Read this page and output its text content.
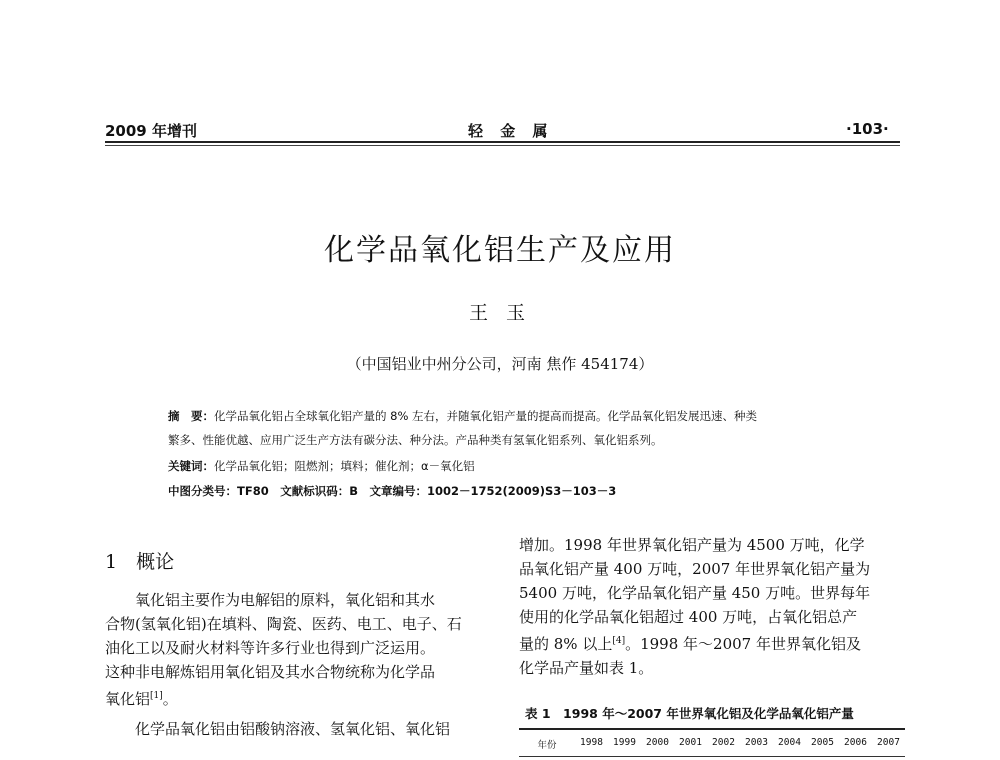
2009 年增刊	轻 金 属	·103·
化学品氧化铝生产及应用
王 玉
（中国铝业中州分公司，河南 焦作 454174）
摘　要：化学品氧化铝占全球氧化铝产量的 8% 左右，并随氧化铝产量的提高而提高。化学品氧化铝发展迅速、种类
繁多、性能优越、应用广泛生产方法有碳分法、种分法。产品种类有氢氧化铝系列、氧化铝系列。
关键词：化学品氧化铝；阻燃剂；填料；催化剂；α－氧化铝
中图分类号：TF80　文献标识码：B　文章编号：1002－1752(2009)S3－103－3
1　概论

氧化铝主要作为电解铝的原料，氧化铝和其水

合物(氢氧化铝)在填料、陶瓷、医药、电工、电子、石

油化工以及耐火材料等许多行业也得到广泛运用。

这种非电解炼铝用氧化铝及其水合物统称为化学品

氧化铝[1]。

化学品氧化铝由铝酸钠溶液、氢氧化铝、氧化铝

增加。1998 年世界氧化铝产量为 4500 万吨，化学

品氧化铝产量 400 万吨，2007 年世界氧化铝产量为

5400 万吨，化学品氧化铝产量 450 万吨。世界每年

使用的化学品氧化铝超过 400 万吨，占氧化铝总产

量的 8% 以上[4]。1998 年～2007 年世界氧化铝及

化学品产量如表 1。

表 1　1998 年～2007 年世界氧化铝及化学品氧化铝产量
年份	1998	1999	2000	2001	2002	2003	2004	2005	2006	2007
